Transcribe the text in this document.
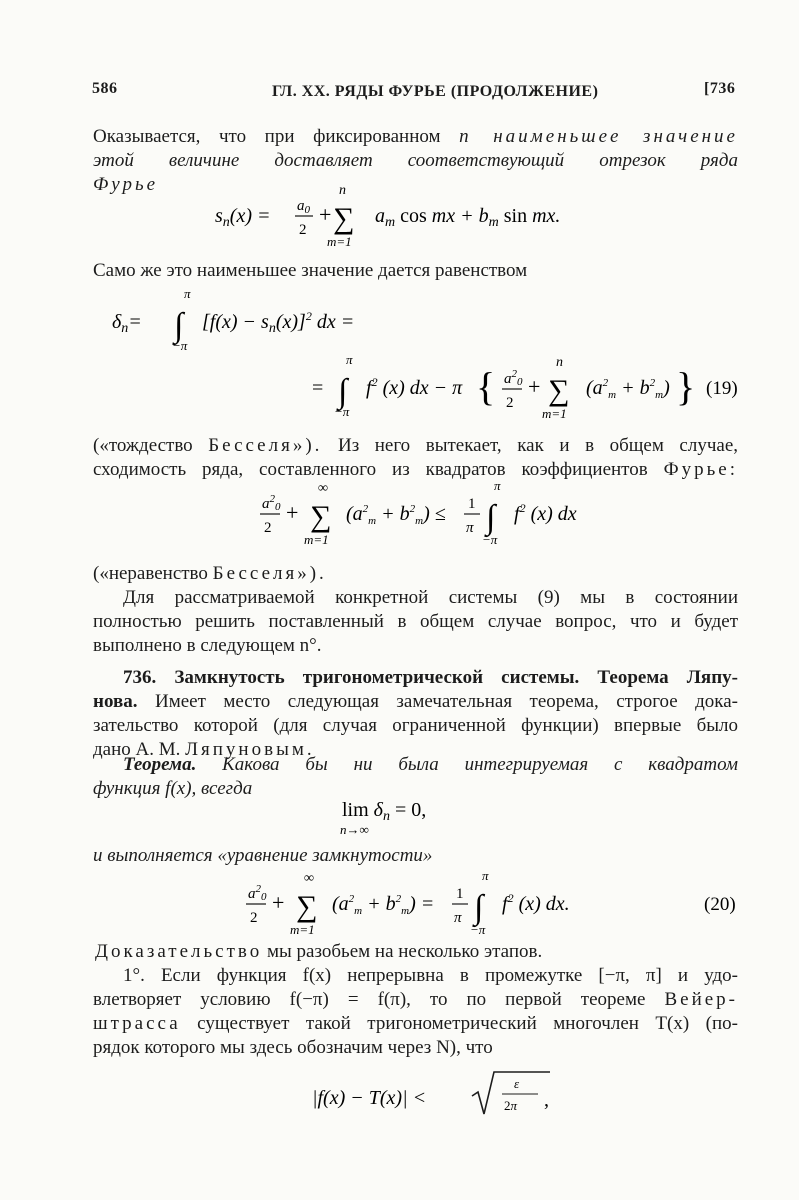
586	ГЛ. XX. РЯДЫ ФУРЬЕ (ПРОДОЛЖЕНИЕ)	[736
Оказывается, что при фиксированном n наименьшее значение
этой величине доставляет соответствующий отрезок ряда
Фурье
$s_n(x) = a_0$
2
+
n
∑
m=1
$a_m$ cos mx + $b_m$ sin mx.
Само же это наименьшее значение дается равенством
$\delta_n=$
π
∫
−π
$[f(x) - s_n(x)]^2$ dx =
=
π
∫
−π
$f^2$ (x) dx − π { $a^2_0$
2
+
n
∑
m=1
$(a^2_m + b^2_m)$ } (19)
(«тождество Бесселя»). Из него вытекает, как и в общем случае,
сходимость ряда, составленного из квадратов коэффициентов Фурье:
$a^2_0$
2
+
∞
∑
m=1
$(a^2_m + b^2_m) \le 1$
π
π
∫
−π
$f^2$ (x) dx
(«неравенство Бесселя»).
Для рассматриваемой конкретной системы (9) мы в состоянии
полностью решить поставленный в общем случае вопрос, что и будет
выполнено в следующем n°.
736. Замкнутость тригонометрической системы. Теорема Ляпу-
нова. Имеет место следующая замечательная теорема, строгое дока-
зательство которой (для случая ограниченной функции) впервые было
дано А. М. Ляпуновым.
Теорема. Какова бы ни была интегрируемая с квадратом
функция f(x), всегда
$\lim \delta_n = 0$,
n→∞
и выполняется «уравнение замкнутости»
$a^2_0$
2
+
∞
∑
m=1
$(a^2_m + b^2_m) = 1$
π
π
∫
−π
$f^2$ (x) dx.	(20)
Доказательство мы разобьем на несколько этапов.
1°. Если функция f(x) непрерывна в промежутке [−π, π] и удо-
влетворяет условию f(−π) = f(π), то по первой теореме Вейер-
штрасса существует такой тригонометрический многочлен T(x) (по-
рядок которого мы здесь обозначим через N), что
|f(x) − T(x)| <
ε
2π ,
